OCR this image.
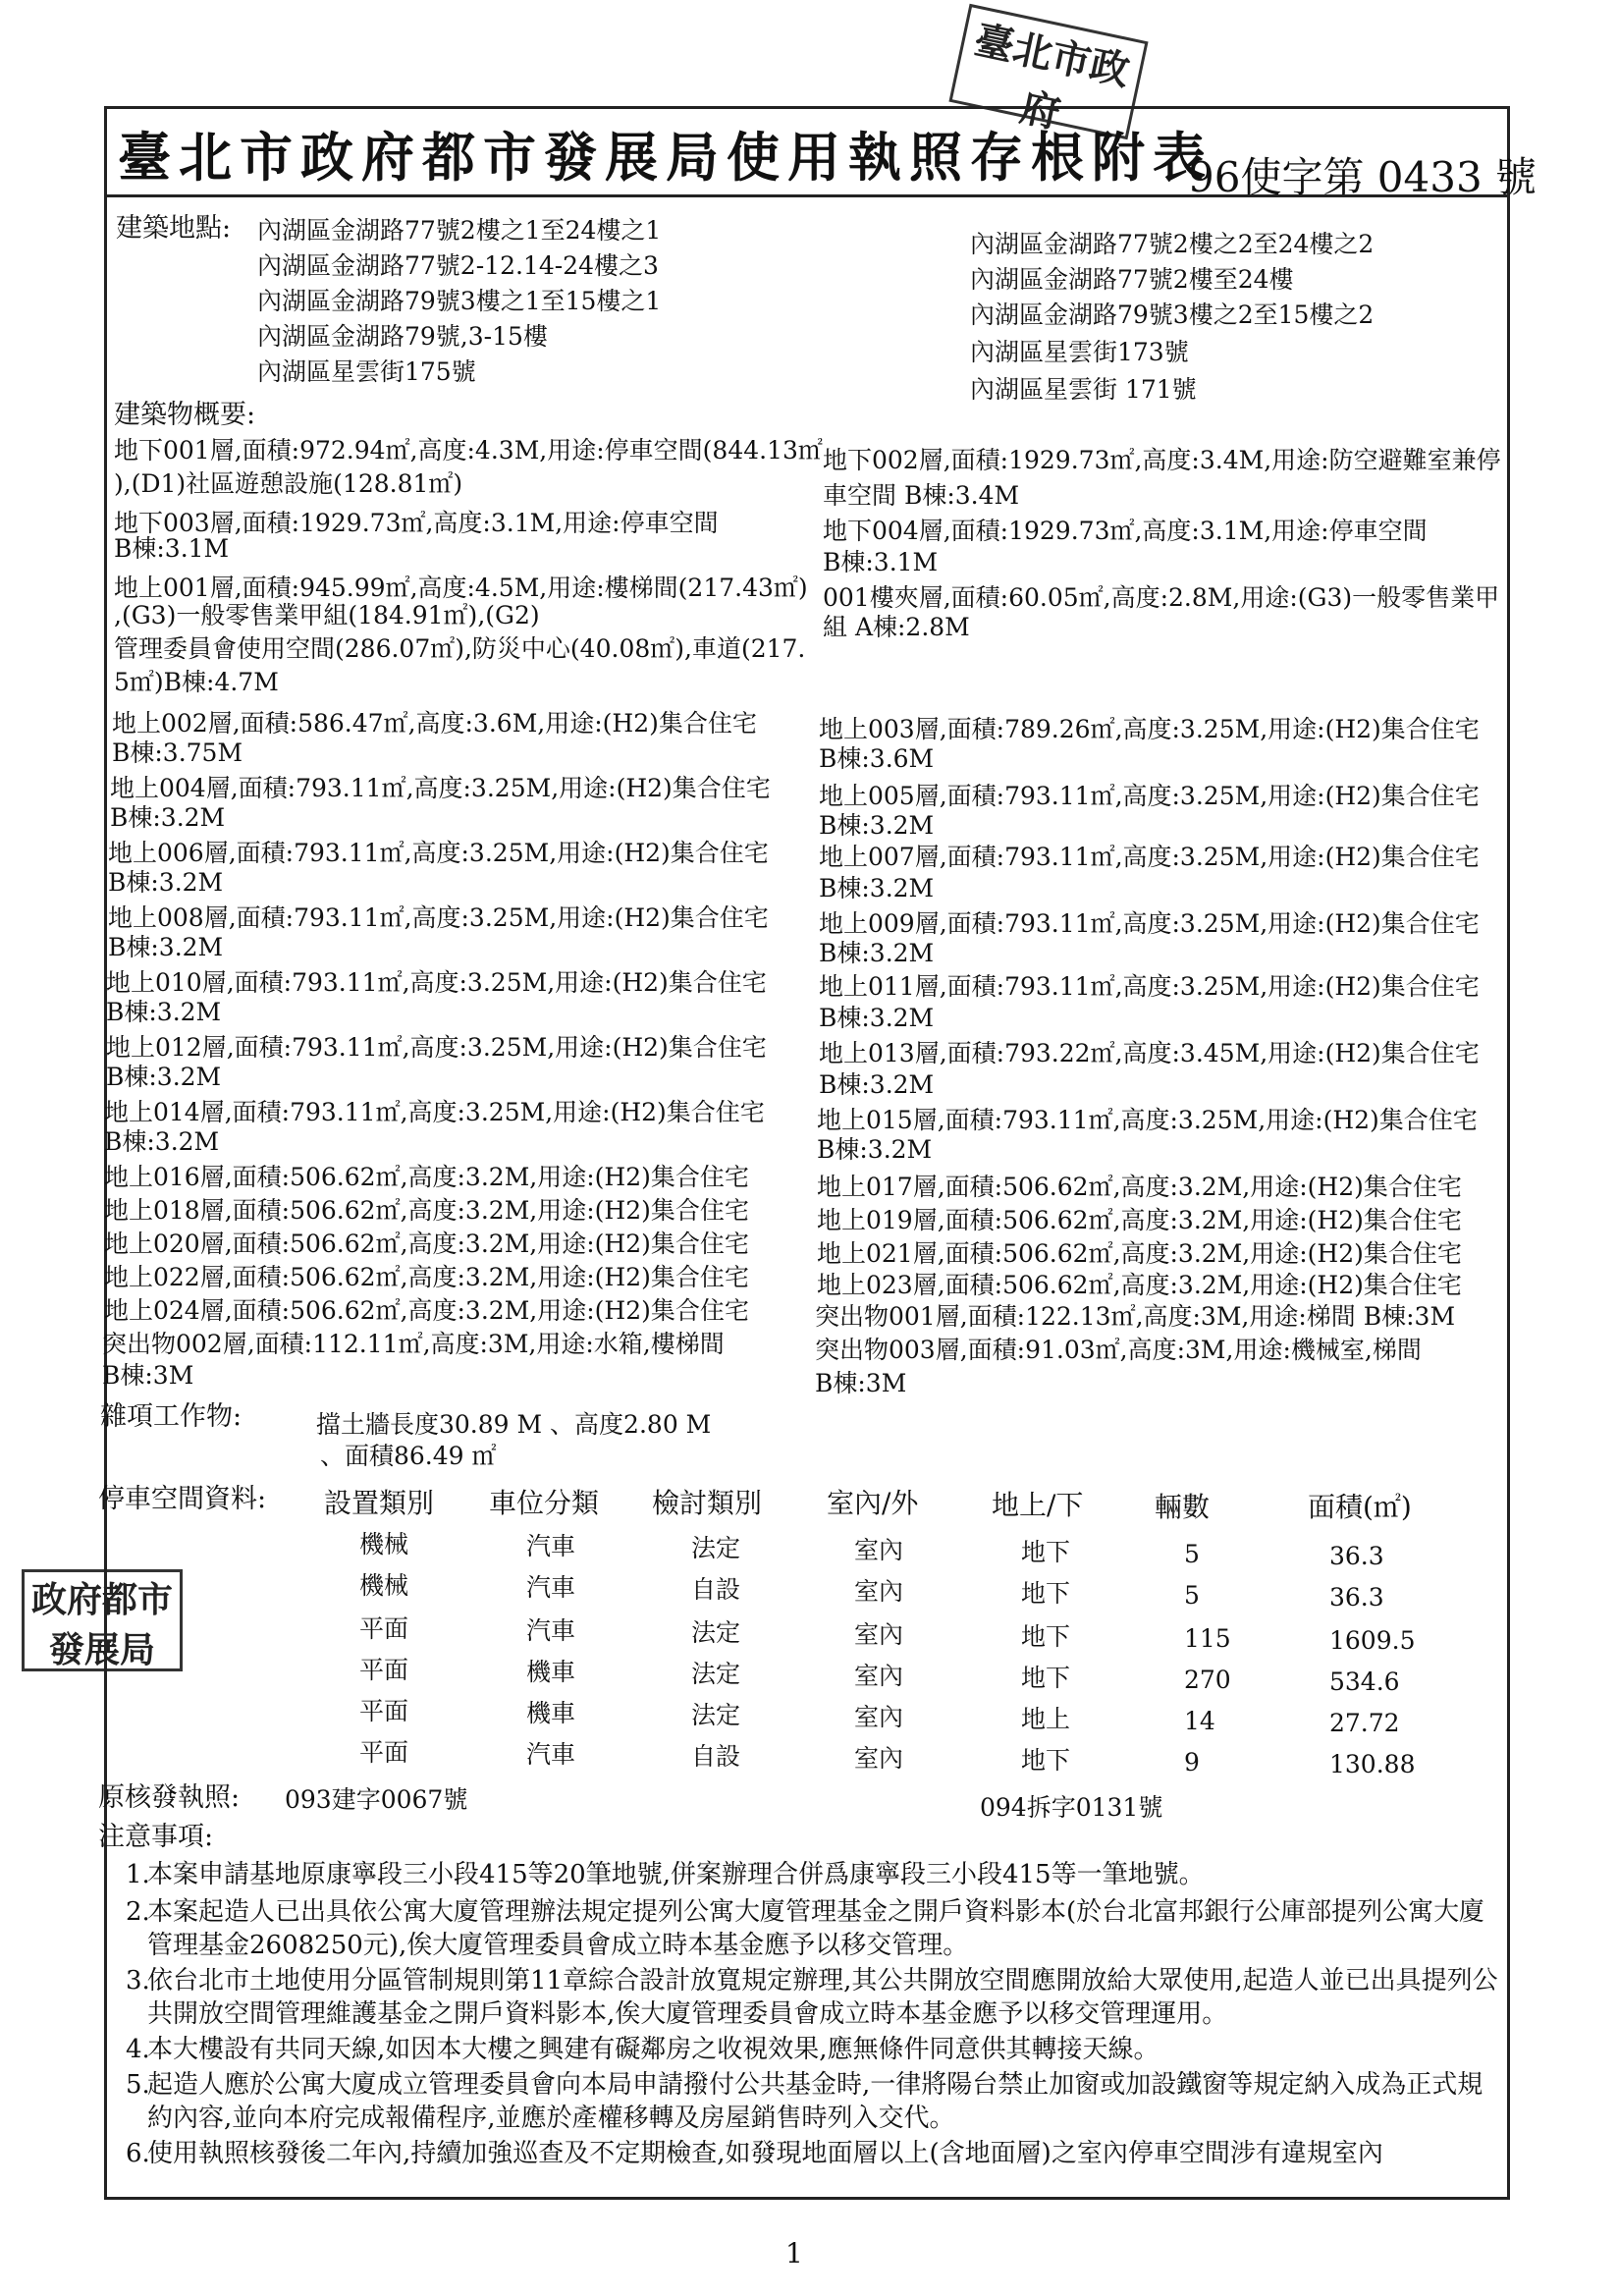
臺
北
市
政
府
政 府 都 市
發 展 局
臺北市政府都市發展局使用執照存根附表
96使字第 0433 號
建築地點: 內湖區金湖路77號2樓之1至24樓之1
內湖區金湖路77號2-12.14-24樓之3
內湖區金湖路79號3樓之1至15樓之1
內湖區金湖路79號,3-15樓
內湖區星雲街175號
內湖區金湖路77號2樓之2至24樓之2
內湖區金湖路77號2樓至24樓
內湖區金湖路79號3樓之2至15樓之2
內湖區星雲街173號
內湖區星雲街 171號
建築物概要:
地下001層,面積:972.94㎡,高度:4.3M,用途:停車空間(844.13㎡
),(D1)社區遊憩設施(128.81㎡)
地下003層,面積:1929.73㎡,高度:3.1M,用途:停車空間
B棟:3.1M
地上001層,面積:945.99㎡,高度:4.5M,用途:樓梯間(217.43㎡)
,(G3)一般零售業甲組(184.91㎡),(G2)
管理委員會使用空間(286.07㎡),防災中心(40.08㎡),車道(217.
5㎡)B棟:4.7M
地上002層,面積:586.47㎡,高度:3.6M,用途:(H2)集合住宅
B棟:3.75M
地上004層,面積:793.11㎡,高度:3.25M,用途:(H2)集合住宅
B棟:3.2M
地上006層,面積:793.11㎡,高度:3.25M,用途:(H2)集合住宅
B棟:3.2M
地上008層,面積:793.11㎡,高度:3.25M,用途:(H2)集合住宅
B棟:3.2M
地上010層,面積:793.11㎡,高度:3.25M,用途:(H2)集合住宅
B棟:3.2M
地上012層,面積:793.11㎡,高度:3.25M,用途:(H2)集合住宅
B棟:3.2M
地上014層,面積:793.11㎡,高度:3.25M,用途:(H2)集合住宅
B棟:3.2M
地上016層,面積:506.62㎡,高度:3.2M,用途:(H2)集合住宅
地上018層,面積:506.62㎡,高度:3.2M,用途:(H2)集合住宅
地上020層,面積:506.62㎡,高度:3.2M,用途:(H2)集合住宅
地上022層,面積:506.62㎡,高度:3.2M,用途:(H2)集合住宅
地上024層,面積:506.62㎡,高度:3.2M,用途:(H2)集合住宅
突出物002層,面積:112.11㎡,高度:3M,用途:水箱,樓梯間
B棟:3M
地下002層,面積:1929.73㎡,高度:3.4M,用途:防空避難室兼停
車空間 B棟:3.4M
地下004層,面積:1929.73㎡,高度:3.1M,用途:停車空間
B棟:3.1M
001樓夾層,面積:60.05㎡,高度:2.8M,用途:(G3)一般零售業甲
組 A棟:2.8M
地上003層,面積:789.26㎡,高度:3.25M,用途:(H2)集合住宅
B棟:3.6M
地上005層,面積:793.11㎡,高度:3.25M,用途:(H2)集合住宅
B棟:3.2M
地上007層,面積:793.11㎡,高度:3.25M,用途:(H2)集合住宅
B棟:3.2M
地上009層,面積:793.11㎡,高度:3.25M,用途:(H2)集合住宅
B棟:3.2M
地上011層,面積:793.11㎡,高度:3.25M,用途:(H2)集合住宅
B棟:3.2M
地上013層,面積:793.22㎡,高度:3.45M,用途:(H2)集合住宅
B棟:3.2M
地上015層,面積:793.11㎡,高度:3.25M,用途:(H2)集合住宅
B棟:3.2M
地上017層,面積:506.62㎡,高度:3.2M,用途:(H2)集合住宅
地上019層,面積:506.62㎡,高度:3.2M,用途:(H2)集合住宅
地上021層,面積:506.62㎡,高度:3.2M,用途:(H2)集合住宅
地上023層,面積:506.62㎡,高度:3.2M,用途:(H2)集合住宅
突出物001層,面積:122.13㎡,高度:3M,用途:梯間 B棟:3M
突出物003層,面積:91.03㎡,高度:3M,用途:機械室,梯間
B棟:3M
雜項工作物:	擋土牆長度30.89 M 、高度2.80 M
、面積86.49 ㎡
停車空間資料: 設置類別 車位分類 檢討類別 室內/外	地上/下	輛數	面積(㎡)
機械	汽車	法定	室內	地下	5	36.3
機械	汽車	自設	室內	地下	5	36.3
平面	汽車	法定	室內	地下	115	1609.5
平面	機車	法定	室內	地下	270	534.6
平面	機車	法定	室內	地上	14	27.72
平面	汽車	自設	室內	地下	9	130.88
原核發執照: 093建字0067號	094拆字0131號
注意事項:
1.本案申請基地原康寧段三小段415等20筆地號,併案辦理合併爲康寧段三小段415等一筆地號。
2.本案起造人已出具依公寓大廈管理辦法規定提列公寓大廈管理基金之開戶資料影本(於台北富邦銀行公庫部提列公寓大廈管理基金2608250元),俟大廈管理委員會成立時本基金應予以移交管理。
3.依台北市土地使用分區管制規則第11章綜合設計放寬規定辦理,其公共開放空間應開放給大眾使用,起造人並已出具提列公共開放空間管理維護基金之開戶資料影本,俟大廈管理委員會成立時本基金應予以移交管理運用。
4.本大樓設有共同天線,如因本大樓之興建有礙鄰房之收視效果,應無條件同意供其轉接天線。
5.起造人應於公寓大廈成立管理委員會向本局申請撥付公共基金時,一律將陽台禁止加窗或加設鐵窗等規定納入成為正式規約內容,並向本府完成報備程序,並應於產權移轉及房屋銷售時列入交代。
6.使用執照核發後二年內,持續加強巡查及不定期檢查,如發現地面層以上(含地面層)之室內停車空間涉有違規室內
1
